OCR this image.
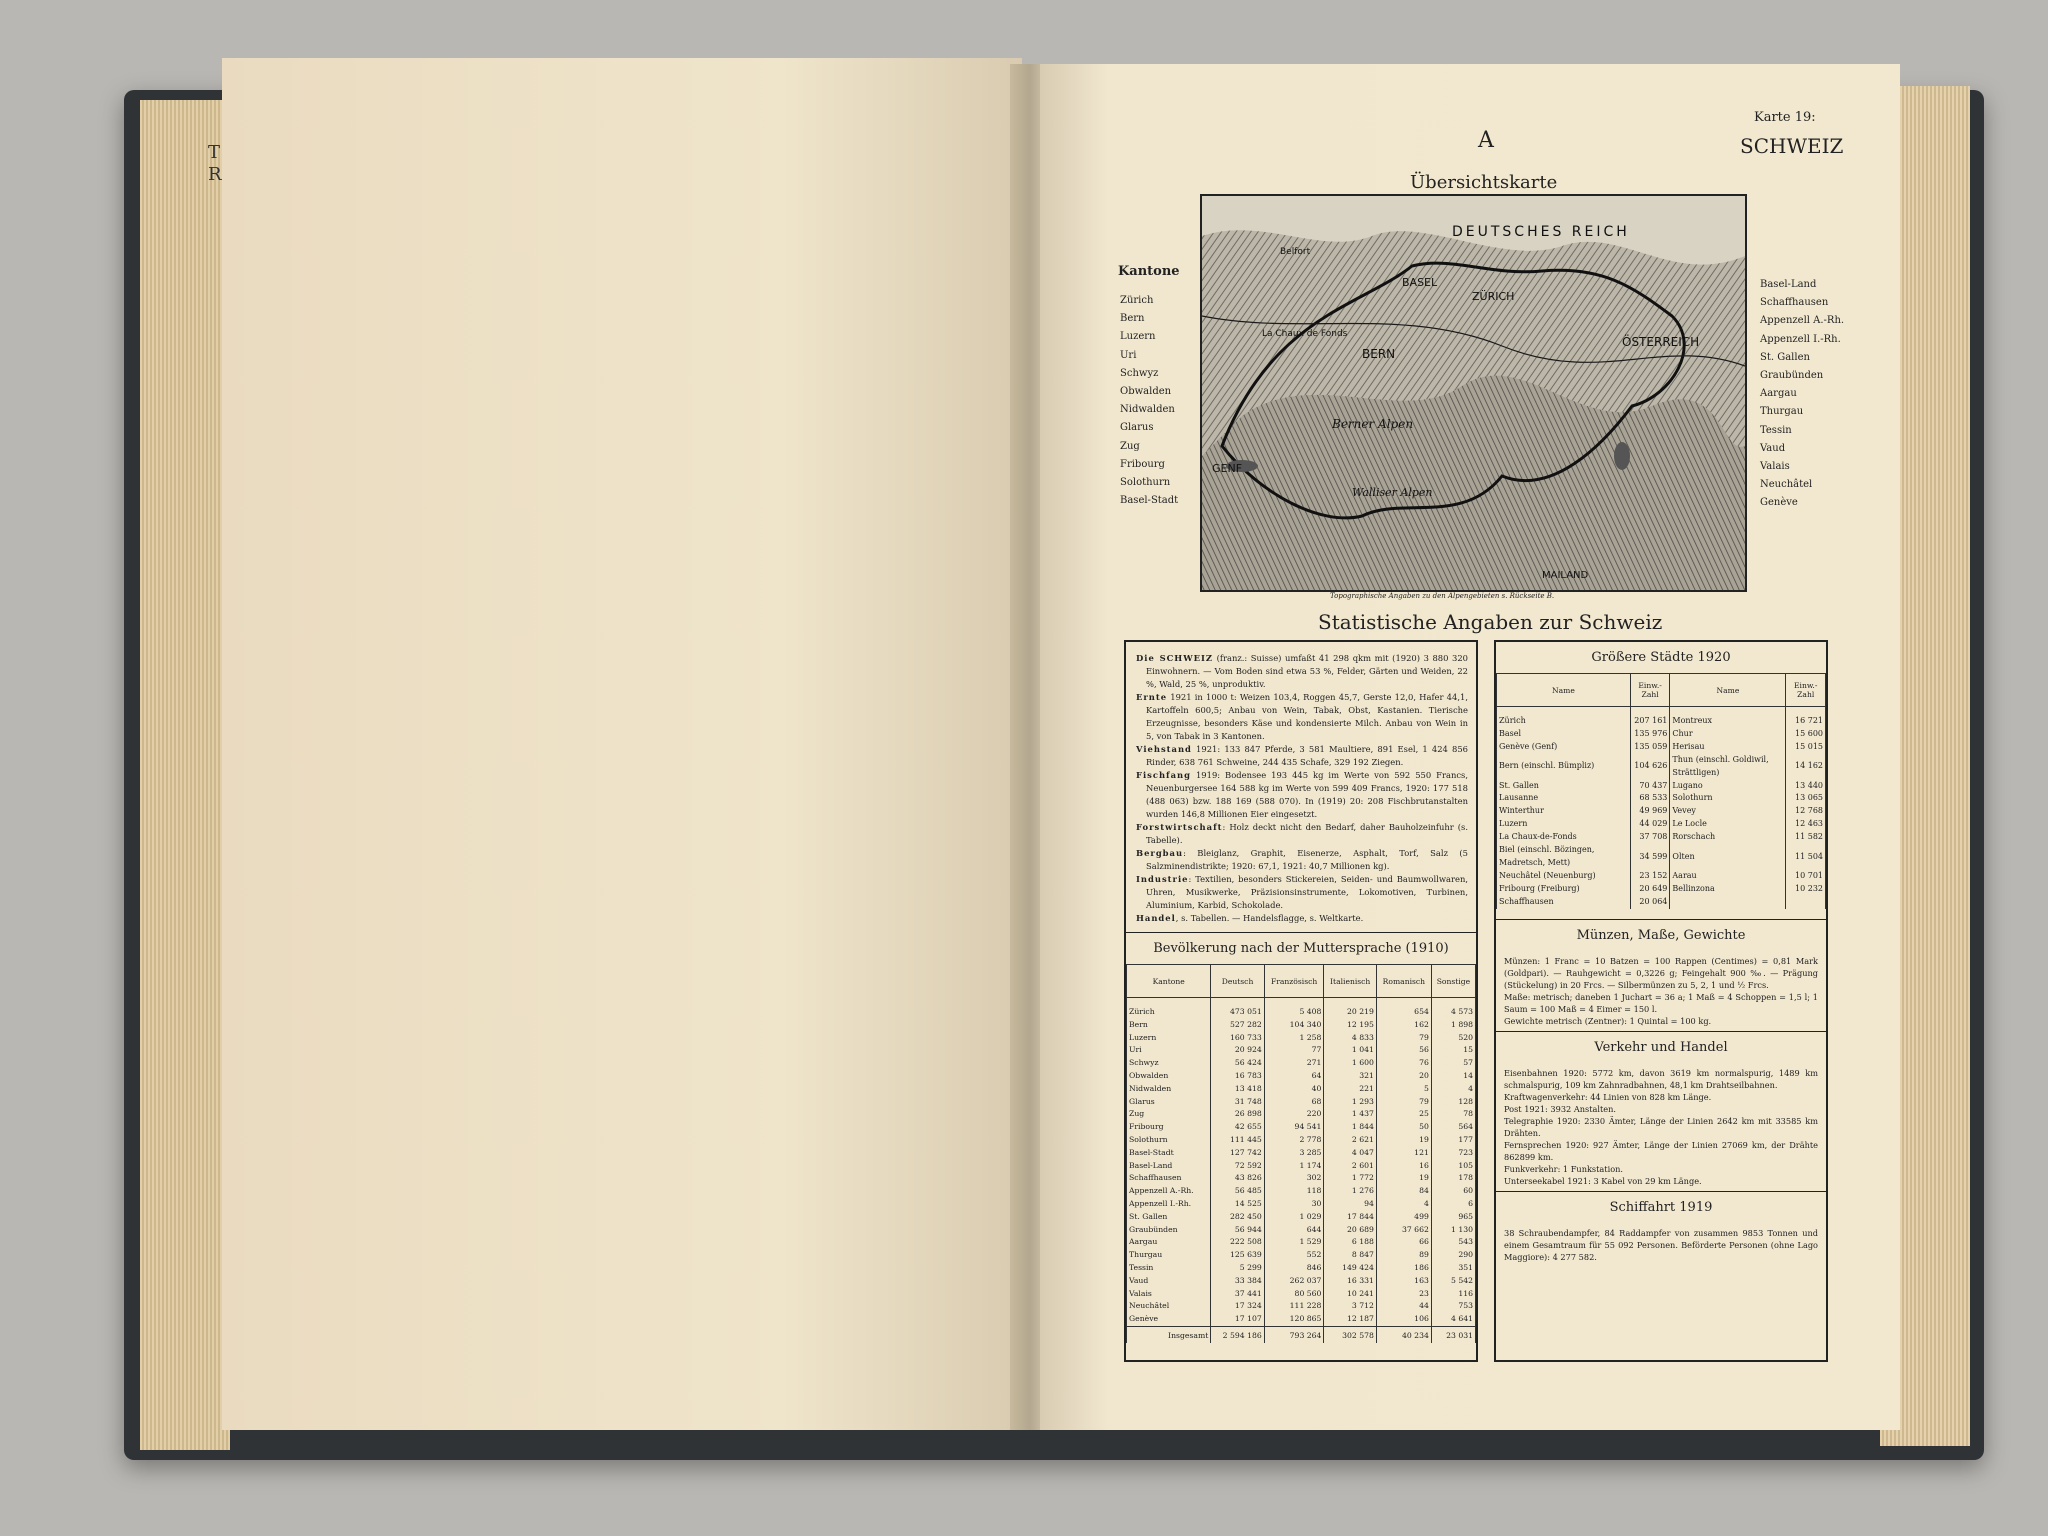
T
R
A
Karte 19:
SCHWEIZ
Übersichtskarte
DEUTSCHES REICH
ZÜRICH
BASEL
Belfort
BERN
La Chaux de Fonds
ÖSTERREICH
GENF
Berner Alpen
Walliser Alpen
MAILAND
Topographische Angaben zu den Alpengebieten s. Rückseite B.
Kantone
Zürich
Bern
Luzern
Uri
Schwyz
Obwalden
Nidwalden
Glarus
Zug
Fribourg
Solothurn
Basel-Stadt
Basel-Land
Schaffhausen
Appenzell A.-Rh.
Appenzell I.-Rh.
St. Gallen
Graubünden
Aargau
Thurgau
Tessin
Vaud
Valais
Neuchâtel
Genève
Statistische Angaben zur Schweiz

Die SCHWEIZ (franz.: Suisse) umfaßt 41 298 qkm mit (1920) 3 880 320 Einwohnern. — Vom Boden sind etwa 53 %, Felder, Gärten und Weiden, 22 %, Wald, 25 %, unproduktiv.

Ernte 1921 in 1000 t: Weizen 103,4, Roggen 45,7, Gerste 12,0, Hafer 44,1, Kartoffeln 600,5; Anbau von Wein, Tabak, Obst, Kastanien. Tierische Erzeugnisse, besonders Käse und kondensierte Milch. Anbau von Wein in 5, von Tabak in 3 Kantonen.

Viehstand 1921: 133 847 Pferde, 3 581 Maultiere, 891 Esel, 1 424 856 Rinder, 638 761 Schweine, 244 435 Schafe, 329 192 Ziegen.

Fischfang 1919: Bodensee 193 445 kg im Werte von 592 550 Francs, Neuenburgersee 164 588 kg im Werte von 599 409 Francs, 1920: 177 518 (488 063) bzw. 188 169 (588 070). In (1919) 20: 208 Fischbrutanstalten wurden 146,8 Millionen Eier eingesetzt.

Forstwirtschaft: Holz deckt nicht den Bedarf, daher Bauholzeinfuhr (s. Tabelle).

Bergbau: Bleiglanz, Graphit, Eisenerze, Asphalt, Torf, Salz (5 Salzminendistrikte; 1920: 67,1, 1921: 40,7 Millionen kg).

Industrie: Textilien, besonders Stickereien, Seiden- und Baumwollwaren, Uhren, Musikwerke, Präzisionsinstrumente, Lokomotiven, Turbinen, Aluminium, Karbid, Schokolade.

Handel, s. Tabellen. — Handelsflagge, s. Weltkarte.

Bevölkerung nach der Muttersprache (1910)
Kantone	Deutsch	Französisch	Italienisch	Romanisch	Sonstige
Zürich	473 051	5 408	20 219	654	4 573
Bern	527 282	104 340	12 195	162	1 898
Luzern	160 733	1 258	4 833	79	520
Uri	20 924	77	1 041	56	15
Schwyz	56 424	271	1 600	76	57
Obwalden	16 783	64	321	20	14
Nidwalden	13 418	40	221	5	4
Glarus	31 748	68	1 293	79	128
Zug	26 898	220	1 437	25	78
Fribourg	42 655	94 541	1 844	50	564
Solothurn	111 445	2 778	2 621	19	177
Basel-Stadt	127 742	3 285	4 047	121	723
Basel-Land	72 592	1 174	2 601	16	105
Schaffhausen	43 826	302	1 772	19	178
Appenzell A.-Rh.	56 485	118	1 276	84	60
Appenzell I.-Rh.	14 525	30	94	4	6
St. Gallen	282 450	1 029	17 844	499	965
Graubünden	56 944	644	20 689	37 662	1 130
Aargau	222 508	1 529	6 188	66	543
Thurgau	125 639	552	8 847	89	290
Tessin	5 299	846	149 424	186	351
Vaud	33 384	262 037	16 331	163	5 542
Valais	37 441	80 560	10 241	23	116
Neuchâtel	17 324	111 228	3 712	44	753
Genève	17 107	120 865	12 187	106	4 641
Insgesamt	2 594 186	793 264	302 578	40 234	23 031
Größere Städte 1920
Name	Einw.-Zahl	Name	Einw.-Zahl
Zürich	207 161	Montreux	16 721
Basel	135 976	Chur	15 600
Genève (Genf)	135 059	Herisau	15 015
Bern (einschl. Bümpliz)	104 626	Thun (einschl. Goldiwil, Strättligen)	14 162
St. Gallen	70 437	Lugano	13 440
Lausanne	68 533	Solothurn	13 065
Winterthur	49 969	Vevey	12 768
Luzern	44 029	Le Locle	12 463
La Chaux-de-Fonds	37 708	Rorschach	11 582
Biel (einschl. Bözingen, Madretsch, Mett)	34 599	Olten	11 504
Neuchâtel (Neuenburg)	23 152	Aarau	10 701
Fribourg (Freiburg)	20 649	Bellinzona	10 232
Schaffhausen	20 064		
Münzen, Maße, Gewichte
Münzen: 1 Franc = 10 Batzen = 100 Rappen (Centimes) = 0,81 Mark (Goldpari). — Rauhgewicht = 0,3226 g; Feingehalt 900 ‰. — Prägung (Stückelung) in 20 Frcs. — Silbermünzen zu 5, 2, 1 und ½ Frcs.
Maße: metrisch; daneben 1 Juchart = 36 a; 1 Maß = 4 Schoppen = 1,5 l; 1 Saum = 100 Maß = 4 Eimer = 150 l.
Gewichte metrisch (Zentner): 1 Quintal = 100 kg.
Verkehr und Handel
Eisenbahnen 1920: 5772 km, davon 3619 km normalspurig, 1489 km schmalspurig, 109 km Zahnradbahnen, 48,1 km Drahtseilbahnen.
Kraftwagenverkehr: 44 Linien von 828 km Länge.
Post 1921: 3932 Anstalten.
Telegraphie 1920: 2330 Ämter, Länge der Linien 2642 km mit 33585 km Drähten.
Fernsprechen 1920: 927 Ämter, Länge der Linien 27069 km, der Drähte 862899 km.
Funkverkehr: 1 Funkstation.
Unterseekabel 1921: 3 Kabel von 29 km Länge.
Schiffahrt 1919
38 Schraubendampfer, 84 Raddampfer von zusammen 9853 Tonnen und einem Gesamtraum für 55 092 Personen. Beförderte Personen (ohne Lago Maggiore): 4 277 582.
